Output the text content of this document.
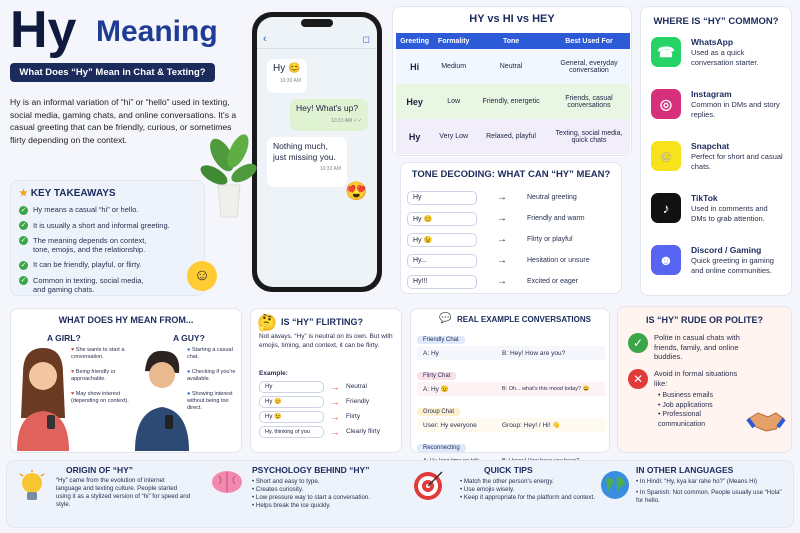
Hy Meaning
What Does “Hy” Mean in Chat & Texting?
Hy is an informal variation of “hi” or “hello” used in texting, social media, gaming chats, and online conversations. It's a casual greeting that can be friendly, curious, or sometimes flirty depending on the context.
‹	◻
Hy 😊
10:30 AM
Hey! What's up?
10:31 AM ✓✓
Nothing much, just missing you.
10:32 AM
😍
★ KEY TAKEAWAYS
✓ Hy means a casual “hi” or hello.
✓ It is usually a short and informal greeting.
✓ The meaning depends on context, tone, emojis, and the relationship.
✓ It can be friendly, playful, or flirty.
✓ Common in texting, social media, and gaming chats.
☺
HY vs HI vs HEY
Greeting	Formality	Tone	Best Used For
Hi	Medium	Neutral	General, everyday conversation
Hey	Low	Friendly, energetic	Friends, casual conversations
Hy	Very Low	Relaxed, playful	Texting, social media, quick chats
TONE DECODING: WHAT CAN “HY” MEAN?
Hy	→	Neutral greeting
Hy 😊	→	Friendly and warm
Hy 😉	→	Flirty or playful
Hy...	→	Hesitation or unsure
Hy!!!	→	Excited or eager
WHERE IS “HY” COMMON?
☎
WhatsApp
Used as a quick conversation starter.
◎
Instagram
Common in DMs and story replies.
☺
Snapchat
Perfect for short and casual chats.
♪
TikTok
Used in comments and DMs to grab attention.
☻
Discord / Gaming
Quick greeting in gaming and online communities.
WHAT DOES HY MEAN FROM...
A GIRL?	A GUY?
♥ She wants to start a conversation.
♥ Being friendly or approachable.
♥ May show interest (depending on context).
● Starting a casual chat.
● Checking if you're available.
● Showing interest without being too direct.
🤔 IS “HY” FLIRTING?
Not always. “Hy” is neutral on its own. But with emojis, timing, and context, it can be flirty.
Example:
Hy	→	Neutral
Hy 😊	→	Friendly
Hy 😉	→	Flirty
Hy, thinking of you	→	Clearly flirty
💬 REAL EXAMPLE CONVERSATIONS
Friendly Chat
A: Hy	B: Hey! How are you?
Flirty Chat
A: Hy 😉	B: Oh... what's this mood today? 😄
Group Chat
User: Hy everyone	Group: Hey! / Hi! 👋
Reconnecting
IS “HY” RUDE OR POLITE?
✓	Polite in casual chats with friends, family, and online buddies.
✕	Avoid in formal situations like:
• Business emails
• Job applications
• Professional communication
ORIGIN OF “HY”
“Hy” came from the evolution of internet language and texting culture. People started using it as a stylized version of “hi” for speed and style.
PSYCHOLOGY BEHIND “HY”
• Short and easy to type.
• Creates curiosity.
• Low pressure way to start a conversation.
• Helps break the ice quickly.
QUICK TIPS
• Match the other person's energy.
• Use emojis wisely.
• Keep it appropriate for the platform and context.
IN OTHER LANGUAGES
• In Hindi: “Hy, kya kar rahe ho?” (Means Hi)
• In Spanish: Not common. People usually use “Hola” for hello.
